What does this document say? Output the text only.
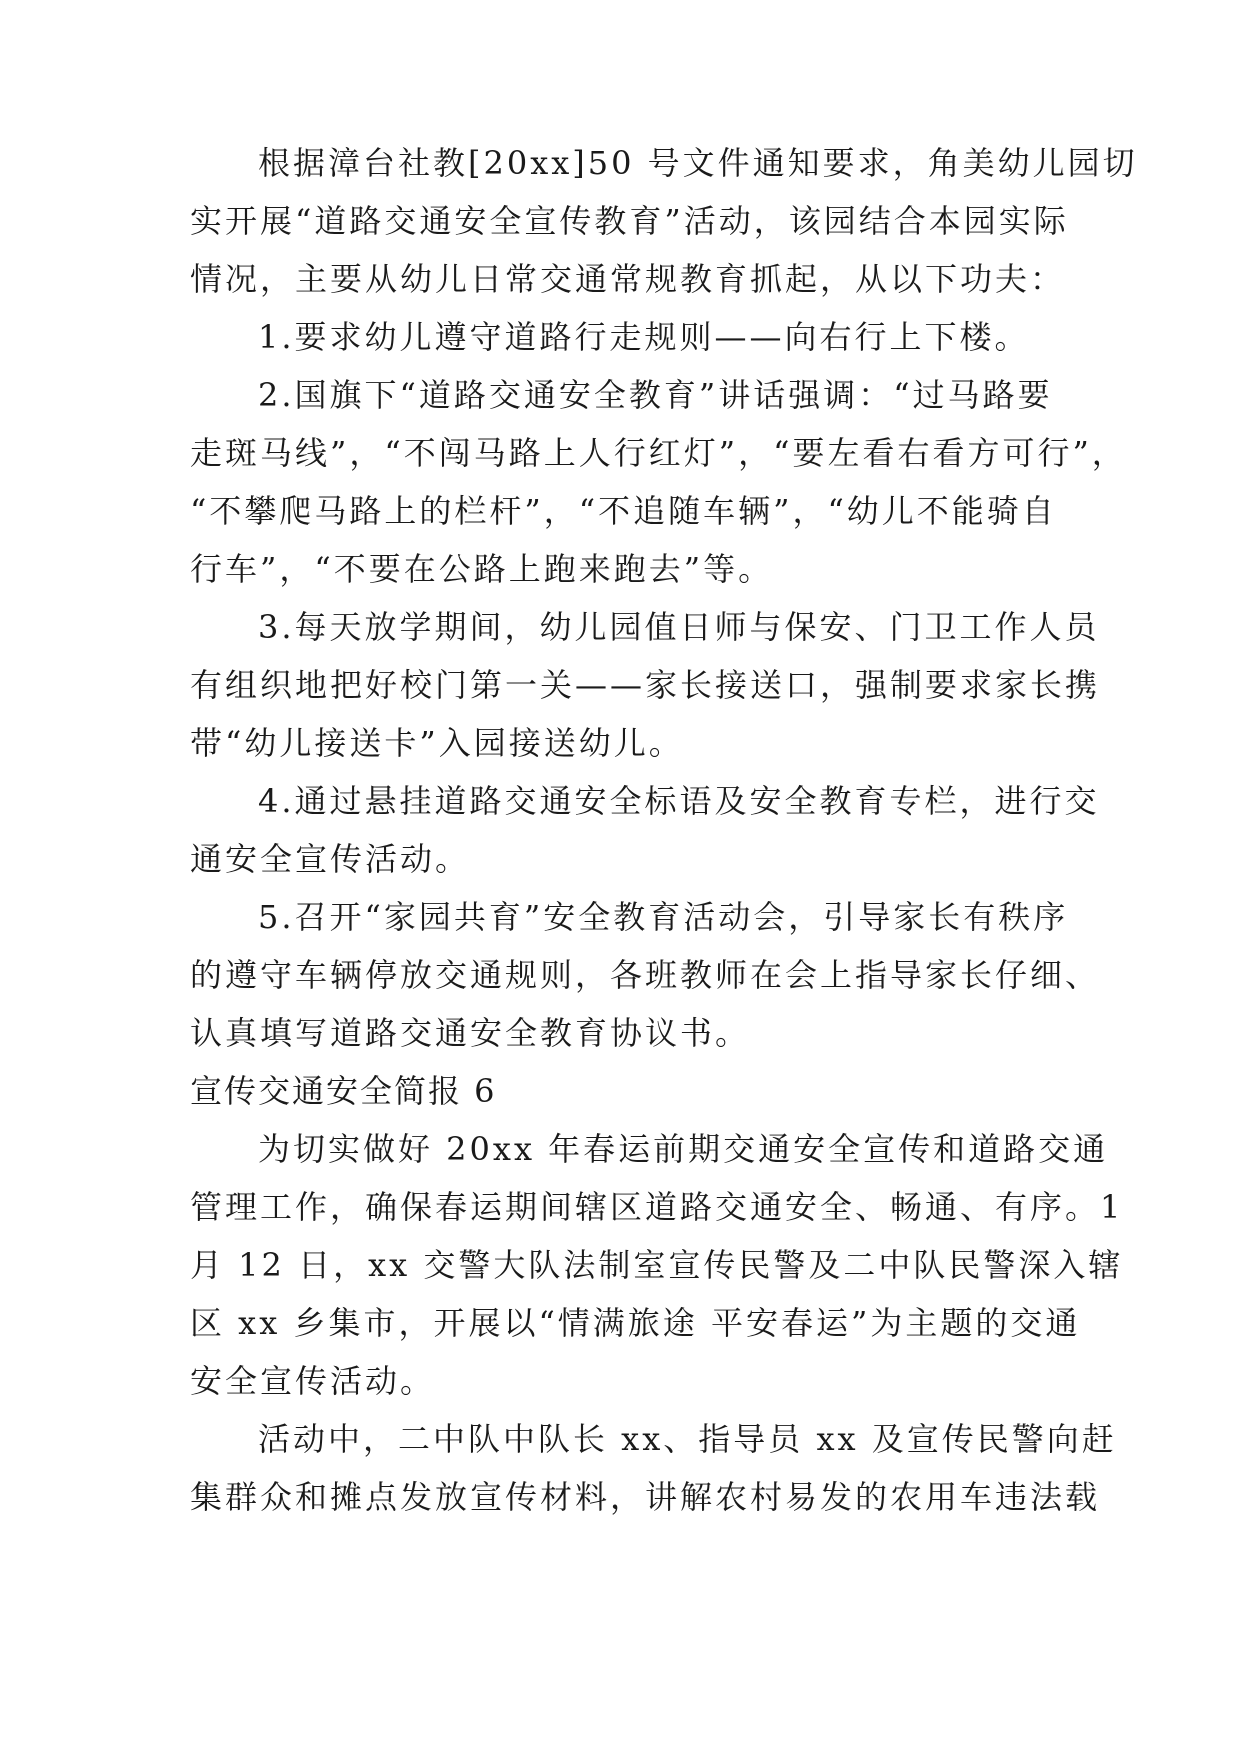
根据漳台社教[20xx]50 号文件通知要求，角美幼儿园切
实开展“道路交通安全宣传教育”活动，该园结合本园实际
情况，主要从幼儿日常交通常规教育抓起，从以下功夫：
1.要求幼儿遵守道路行走规则——向右行上下楼。
2.国旗下“道路交通安全教育”讲话强调：“过马路要
走斑马线”，“不闯马路上人行红灯”，“要左看右看方可行”，
“不攀爬马路上的栏杆”，“不追随车辆”，“幼儿不能骑自
行车”，“不要在公路上跑来跑去”等。
3.每天放学期间，幼儿园值日师与保安、门卫工作人员
有组织地把好校门第一关——家长接送口，强制要求家长携
带“幼儿接送卡”入园接送幼儿。
4.通过悬挂道路交通安全标语及安全教育专栏，进行交
通安全宣传活动。
5.召开“家园共育”安全教育活动会，引导家长有秩序
的遵守车辆停放交通规则，各班教师在会上指导家长仔细、
认真填写道路交通安全教育协议书。
宣传交通安全简报 6
为切实做好 20xx 年春运前期交通安全宣传和道路交通
管理工作，确保春运期间辖区道路交通安全、畅通、有序。1
月 12 日，xx 交警大队法制室宣传民警及二中队民警深入辖
区 xx 乡集市，开展以“情满旅途 平安春运”为主题的交通
安全宣传活动。
活动中，二中队中队长 xx、指导员 xx 及宣传民警向赶
集群众和摊点发放宣传材料，讲解农村易发的农用车违法载
